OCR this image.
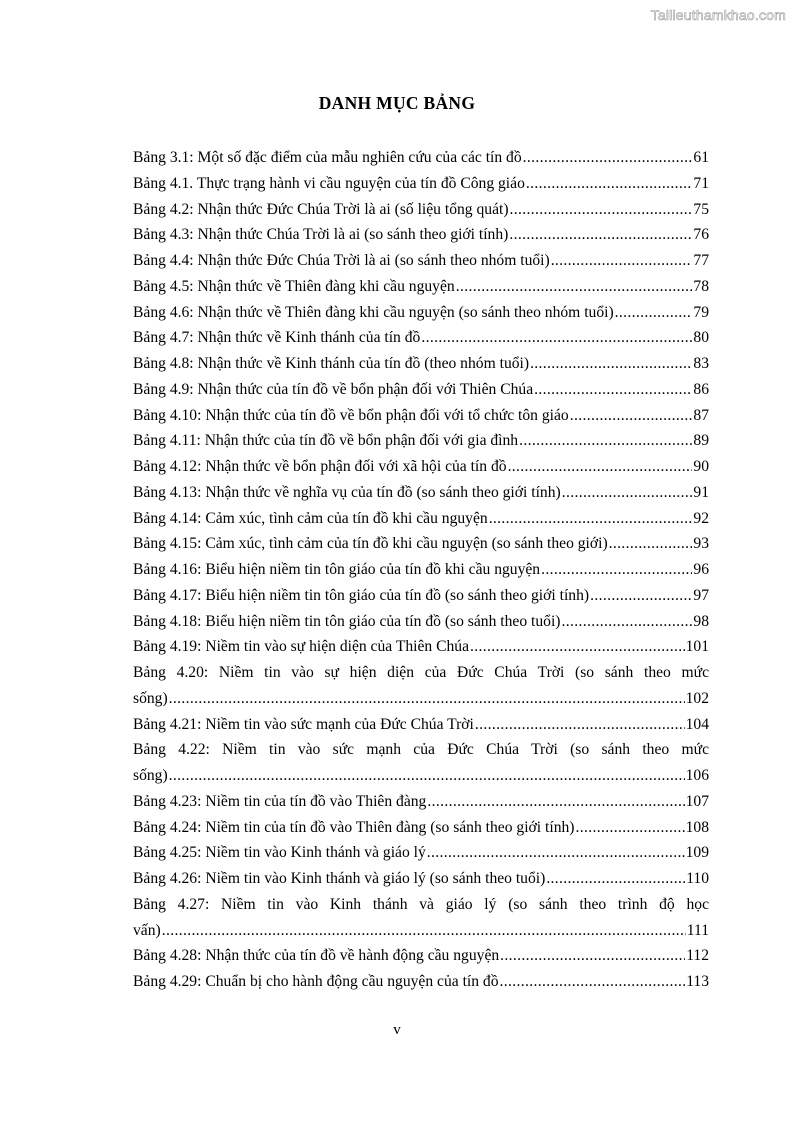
Tailieuthamkhao.com
DANH MỤC BẢNG
Bảng 3.1: Một số đặc điểm của mẫu nghiên cứu của các tín đồ .....	61
Bảng 4.1. Thực trạng hành vi cầu nguyện của tín đồ Công giáo .....	71
Bảng 4.2: Nhận thức Đức Chúa Trời là ai (số liệu tổng quát) .....	75
Bảng 4.3: Nhận thức Chúa Trời là ai (so sánh theo giới tính) .....	76
Bảng 4.4: Nhận thức Đức Chúa Trời là ai (so sánh theo nhóm tuổi) .....	77
Bảng 4.5: Nhận thức về Thiên đàng khi cầu nguyện .....	78
Bảng 4.6: Nhận thức về Thiên đàng khi cầu nguyện (so sánh theo nhóm tuổi) .....	79
Bảng 4.7: Nhận thức về Kinh thánh của tín đồ .....	80
Bảng 4.8: Nhận thức về Kinh thánh của tín đồ (theo nhóm tuổi) .....	83
Bảng 4.9: Nhận thức của tín đồ về bổn phận đối với Thiên Chúa .....	86
Bảng 4.10: Nhận thức của tín đồ về bổn phận đối với tổ chức tôn giáo .....	87
Bảng 4.11: Nhận thức của tín đồ về bổn phận đối với gia đình .....	89
Bảng 4.12: Nhận thức về bổn phận đối với xã hội của tín đồ .....	90
Bảng 4.13: Nhận thức về nghĩa vụ của tín đồ (so sánh theo giới tính) .....	91
Bảng 4.14: Cảm xúc, tình cảm của tín đồ khi cầu nguyện .....	92
Bảng 4.15: Cảm xúc, tình cảm của tín đồ khi cầu nguyện (so sánh theo giới) .....	93
Bảng 4.16: Biểu hiện niềm tin tôn giáo của tín đồ khi cầu nguyện .....	96
Bảng 4.17: Biểu hiện niềm tin tôn giáo của tín đồ (so sánh theo giới tính) .....	97
Bảng 4.18: Biểu hiện niềm tin tôn giáo của tín đồ (so sánh theo tuổi) .....	98
Bảng 4.19: Niềm tin vào sự hiện diện của Thiên Chúa .....	101
Bảng 4.20: Niềm tin vào sự hiện diện của Đức Chúa Trời (so sánh theo mức
sống) .....	102
Bảng 4.21: Niềm tin vào sức mạnh của Đức Chúa Trời .....	104
Bảng 4.22: Niềm tin vào sức mạnh của Đức Chúa Trời (so sánh theo mức
sống) .....	106
Bảng 4.23: Niềm tin của tín đồ vào Thiên đàng .....	107
Bảng 4.24: Niềm tin của tín đồ vào Thiên đàng (so sánh theo giới tính) .....	108
Bảng 4.25: Niềm tin vào Kinh thánh và giáo lý .....	109
Bảng 4.26: Niềm tin vào Kinh thánh và giáo lý (so sánh theo tuổi) .....	110
Bảng 4.27: Niềm tin vào Kinh thánh và giáo lý (so sánh theo trình độ học
vấn) .....	111
Bảng 4.28: Nhận thức của tín đồ về hành động cầu nguyện .....	112
Bảng 4.29: Chuẩn bị cho hành động cầu nguyện của tín đồ .....	113
v
